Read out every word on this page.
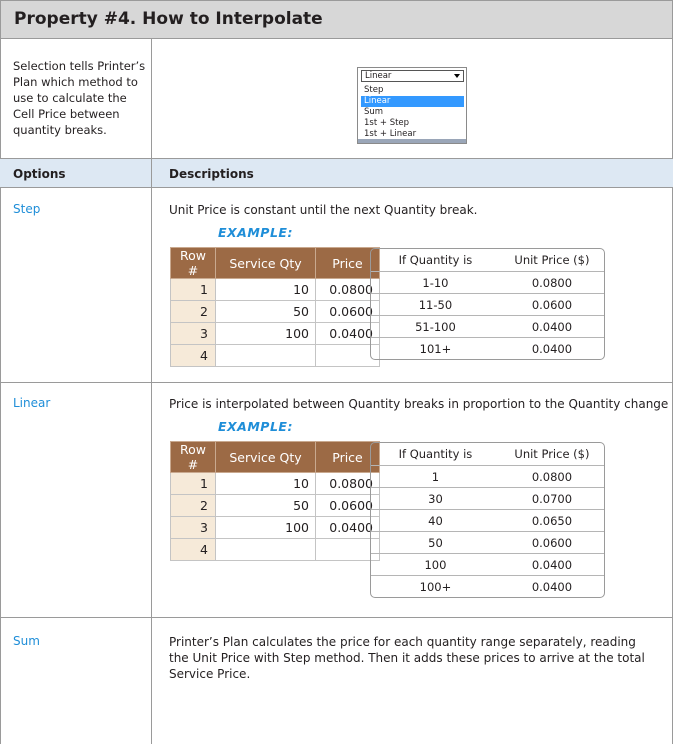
Property #4. How to Interpolate
Selection tells Printer’s Plan which method to use to calculate the Cell Price between quantity breaks.
Linear
Step
Linear
Sum
1st + Step
1st + Linear
Options	Descriptions
Step	Unit Price is constant until the next Quantity break.
EXAMPLE:
Row #	Service Qty	Price
1	10	0.0800
2	50	0.0600
3	100	0.0400
4		
If Quantity is	Unit Price ($)
1-10	0.0800
11-50	0.0600
51-100	0.0400
101+	0.0400
Linear	Price is interpolated between Quantity breaks in proportion to the Quantity change
EXAMPLE:
Row #	Service Qty	Price
1	10	0.0800
2	50	0.0600
3	100	0.0400
4		
If Quantity is	Unit Price ($)
1	0.0800
30	0.0700
40	0.0650
50	0.0600
100	0.0400
100+	0.0400
Sum	Printer’s Plan calculates the price for each quantity range separately, reading the Unit Price with Step method. Then it adds these prices to arrive at the total Service Price.
